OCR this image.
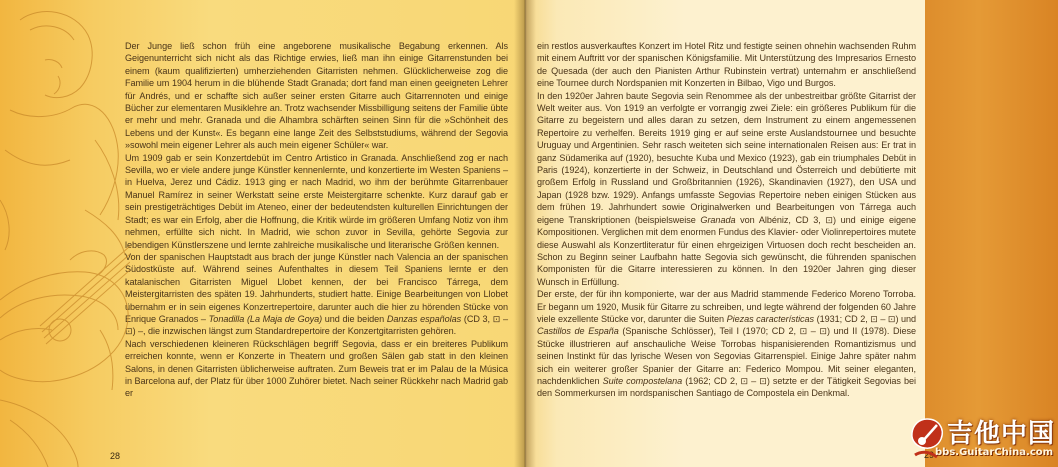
Der Junge ließ schon früh eine angeborene musikalische Begabung erkennen. Als Geigenunterricht sich nicht als das Richtige erwies, ließ man ihn einige Gitarrenstunden bei einem (kaum qualifizierten) umherziehenden Gitarristen nehmen. Glücklicherweise zog die Familie um 1904 herum in die blühende Stadt Granada; dort fand man einen geeigneten Lehrer für Andrés, und er schaffte sich außer seiner ersten Gitarre auch Gitarrennoten und einige Bücher zur elementaren Musiklehre an. Trotz wachsender Missbilligung seitens der Familie übte er mehr und mehr. Granada und die Alhambra schärften seinen Sinn für die »Schönheit des Lebens und der Kunst«. Es begann eine lange Zeit des Selbststudiums, während der Segovia »sowohl mein eigener Lehrer als auch mein eigener Schüler« war.

Um 1909 gab er sein Konzertdebüt im Centro Artistico in Granada. Anschließend zog er nach Sevilla, wo er viele andere junge Künstler kennenlernte, und konzertierte im Westen Spaniens – in Huelva, Jerez und Cádiz. 1913 ging er nach Madrid, wo ihm der berühmte Gitarrenbauer Manuel Ramírez in seiner Werkstatt seine erste Meistergitarre schenkte. Kurz darauf gab er sein prestigeträchtiges Debüt im Ateneo, einer der bedeutendsten kulturellen Einrichtungen der Stadt; es war ein Erfolg, aber die Hoffnung, die Kritik würde im größeren Umfang Notiz von ihm nehmen, erfüllte sich nicht. In Madrid, wie schon zuvor in Sevilla, gehörte Segovia zur lebendigen Künstlerszene und lernte zahlreiche musikalische und literarische Größen kennen.

Von der spanischen Hauptstadt aus brach der junge Künstler nach Valencia an der spanischen Südostküste auf. Während seines Aufenthaltes in diesem Teil Spaniens lernte er den katalanischen Gitarristen Miguel Llobet kennen, der bei Francisco Tárrega, dem Meistergitarristen des späten 19. Jahrhunderts, studiert hatte. Einige Bearbeitungen von Llobet übernahm er in sein eigenes Konzertrepertoire, darunter auch die hier zu hörenden Stücke von Enrique Granados – Tonadilla (La Maja de Goya) und die beiden Danzas españolas (CD 3, ⊡ – ⊡) –, die inzwischen längst zum Standardrepertoire der Konzertgitarristen gehören.

Nach verschiedenen kleineren Rückschlägen begriff Segovia, dass er ein breiteres Publikum erreichen konnte, wenn er Konzerte in Theatern und großen Sälen gab statt in den kleinen Salons, in denen Gitarristen üblicherweise auftraten. Zum Beweis trat er im Palau de la Música in Barcelona auf, der Platz für über 1000 Zuhörer bietet. Nach seiner Rückkehr nach Madrid gab er

28

ein restlos ausverkauftes Konzert im Hotel Ritz und festigte seinen ohnehin wachsenden Ruhm mit einem Auftritt vor der spanischen Königsfamilie. Mit Unterstützung des Impresarios Ernesto de Quesada (der auch den Pianisten Arthur Rubinstein vertrat) unternahm er anschließend eine Tournee durch Nordspanien mit Konzerten in Bilbao, Vigo und Burgos.

In den 1920er Jahren baute Segovia sein Renommee als der unbestreitbar größte Gitarrist der Welt weiter aus. Von 1919 an verfolgte er vorrangig zwei Ziele: ein größeres Publikum für die Gitarre zu begeistern und alles daran zu setzen, dem Instrument zu einem angemessenen Repertoire zu verhelfen. Bereits 1919 ging er auf seine erste Auslandstournee und besuchte Uruguay und Argentinien. Sehr rasch weiteten sich seine internationalen Reisen aus: Er trat in ganz Südamerika auf (1920), besuchte Kuba und Mexico (1923), gab ein triumphales Debüt in Paris (1924), konzertierte in der Schweiz, in Deutschland und Österreich und debütierte mit großem Erfolg in Russland und Großbritannien (1926), Skandinavien (1927), den USA und Japan (1928 bzw. 1929). Anfangs umfasste Segovias Repertoire neben einigen Stücken aus dem frühen 19. Jahrhundert sowie Originalwerken und Bearbeitungen von Tárrega auch eigene Transkriptionen (beispielsweise Granada von Albéniz, CD 3, ⊡) und einige eigene Kompositionen. Verglichen mit dem enormen Fundus des Klavier- oder Violinrepertoires mutete diese Auswahl als Konzertliteratur für einen ehrgeizigen Virtuosen doch recht bescheiden an. Schon zu Beginn seiner Laufbahn hatte Segovia sich gewünscht, die führenden spanischen Komponisten für die Gitarre interessieren zu können. In den 1920er Jahren ging dieser Wunsch in Erfüllung.

Der erste, der für ihn komponierte, war der aus Madrid stammende Federico Moreno Torroba. Er begann um 1920, Musik für Gitarre zu schreiben, und legte während der folgenden 60 Jahre viele exzellente Stücke vor, darunter die Suiten Piezas características (1931; CD 2, ⊡ – ⊡) und Castillos de España (Spanische Schlösser), Teil I (1970; CD 2, ⊡ – ⊡) und II (1978). Diese Stücke illustrieren auf anschauliche Weise Torrobas hispanisierenden Romantizismus und seinen Instinkt für das lyrische Wesen von Segovias Gitarrenspiel. Einige Jahre später nahm sich ein weiterer großer Spanier der Gitarre an: Federico Mompou. Mit seiner eleganten, nachdenklichen Suite compostelana (1962; CD 2, ⊡ – ⊡) setzte er der Tätigkeit Segovias bei den Sommerkursen im nordspanischen Santiago de Compostela ein Denkmal.

29
吉他中国
bbs.GuitarChina.com
